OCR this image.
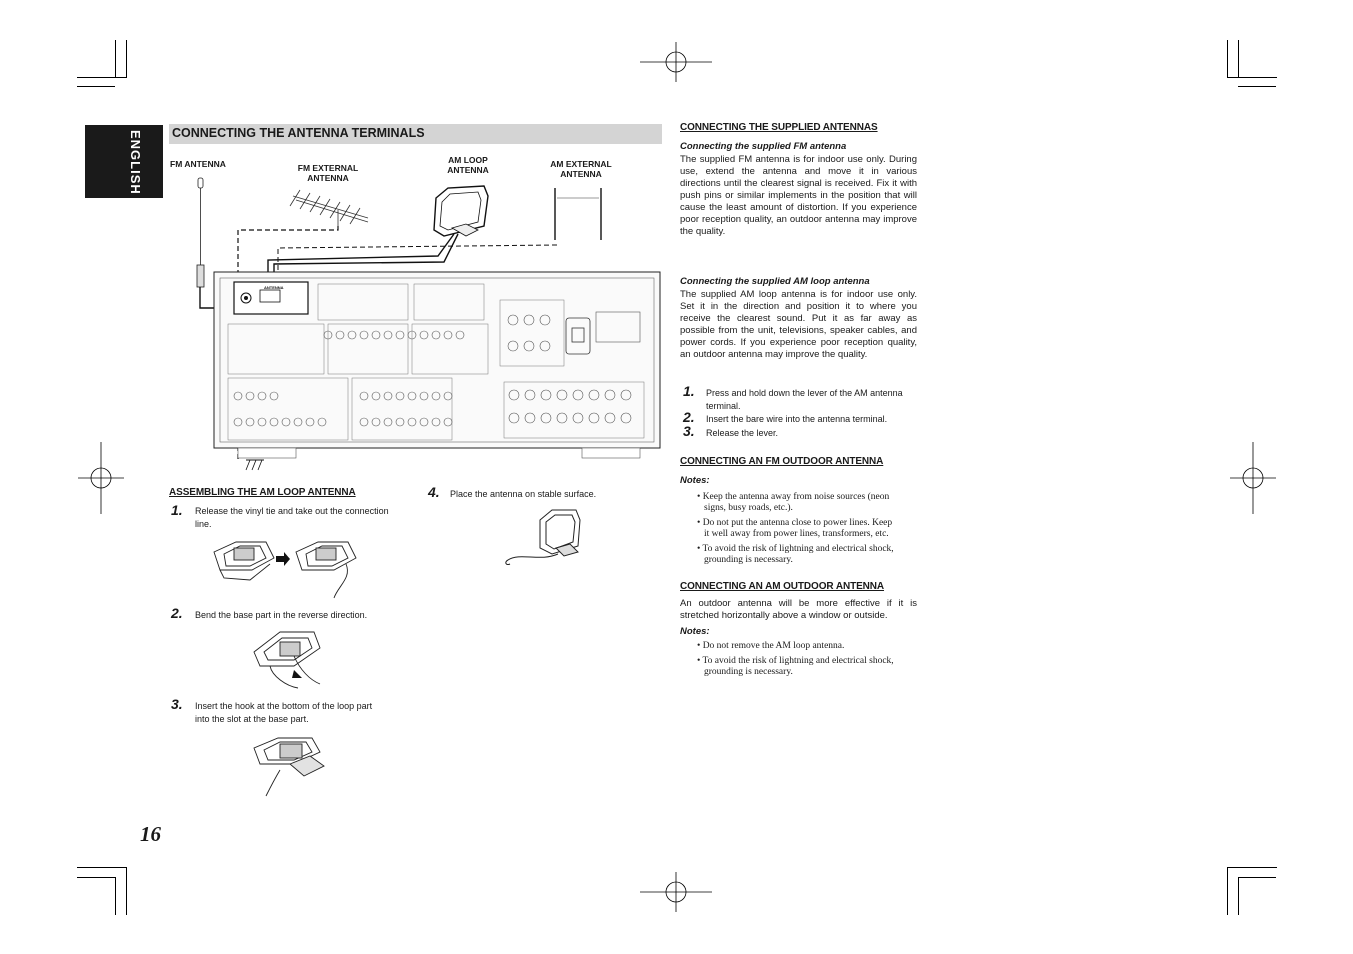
ENGLISH CONNECTING THE ANTENNA TERMINALS
FM ANTENNA	FM EXTERNAL
ANTENNA
AM LOOP
ANTENNA
AM EXTERNAL
ANTENNA
ANTENNA
ASSEMBLING THE AM LOOP ANTENNA
1. Release the vinyl tie and take out the connection
line.
2. Bend the base part in the reverse direction.
3. Insert the hook at the bottom of the loop part
into the slot at the base part.
4. Place the antenna on stable surface.
CONNECTING THE SUPPLIED ANTENNAS
Connecting the supplied FM antenna
The supplied FM antenna is for indoor use only. During use, extend the antenna and move it in various directions until the clearest signal is received. Fix it with push pins or similar implements in the position that will cause the least amount of distortion. If you experience poor reception quality, an outdoor antenna may improve the quality.
Connecting the supplied AM loop antenna
The supplied AM loop antenna is for indoor use only. Set it in the direction and position it to where you receive the clearest sound. Put it as far away as possible from the unit, televisions, speaker cables, and power cords. If you experience poor reception quality, an outdoor antenna may improve the quality.
1. Press and hold down the lever of the AM antenna
terminal.
2. Insert the bare wire into the antenna terminal.
3. Release the lever.
CONNECTING AN FM OUTDOOR ANTENNA
Notes:
• Keep the antenna away from noise sources (neon
signs, busy roads, etc.).
• Do not put the antenna close to power lines. Keep
it well away from power lines, transformers, etc.
• To avoid the risk of lightning and electrical shock,
grounding is necessary.
CONNECTING AN AM OUTDOOR ANTENNA
An outdoor antenna will be more effective if it is stretched horizontally above a window or outside.
Notes:
• Do not remove the AM loop antenna.
• To avoid the risk of lightning and electrical shock,
grounding is necessary.
16
